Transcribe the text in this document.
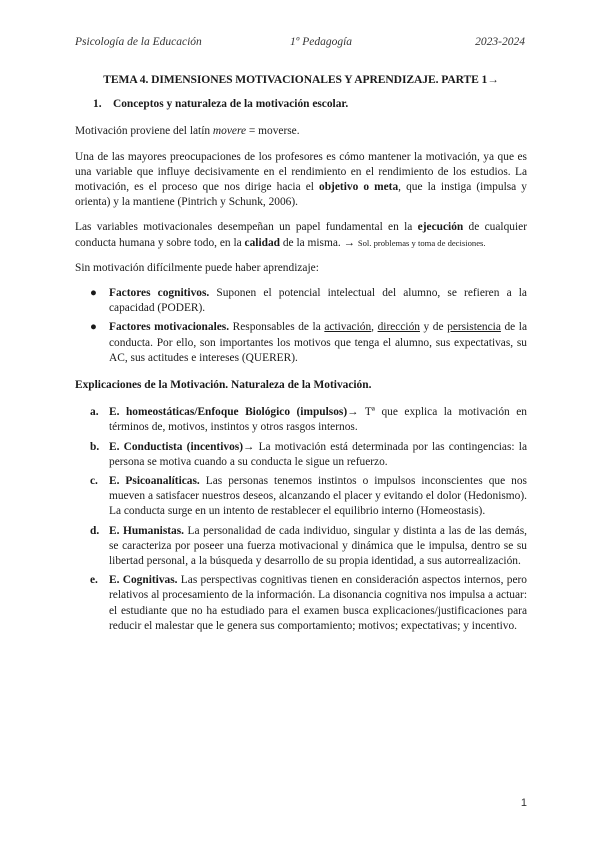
Psicología de la Educación	1º Pedagogía	2023-2024
TEMA 4. DIMENSIONES MOTIVACIONALES Y APRENDIZAJE. PARTE 1→
1. Conceptos y naturaleza de la motivación escolar.

Motivación proviene del latín movere = moverse.

Una de las mayores preocupaciones de los profesores es cómo mantener la motivación, ya que es una variable que influye decisivamente en el rendimiento en el rendimiento de los estudios. La motivación, es el proceso que nos dirige hacia el objetivo o meta, que la instiga (impulsa y orienta) y la mantiene (Pintrich y Schunk, 2006).

Las variables motivacionales desempeñan un papel fundamental en la ejecución de cualquier conducta humana y sobre todo, en la calidad de la misma. → Sol. problemas y toma de decisiones.

Sin motivación difícilmente puede haber aprendizaje:

● Factores cognitivos. Suponen el potencial intelectual del alumno, se refieren a la capacidad (PODER).
● Factores motivacionales. Responsables de la activación, dirección y de persistencia de la conducta. Por ello, son importantes los motivos que tenga el alumno, sus expectativas, su AC, sus actitudes e intereses (QUERER).
Explicaciones de la Motivación. Naturaleza de la Motivación.
a. E. homeostáticas/Enfoque Biológico (impulsos)→ Tª que explica la motivación en términos de, motivos, instintos y otros rasgos internos.
b. E. Conductista (incentivos)→ La motivación está determinada por las contingencias: la persona se motiva cuando a su conducta le sigue un refuerzo.
c. E. Psicoanalíticas. Las personas tenemos instintos o impulsos inconscientes que nos mueven a satisfacer nuestros deseos, alcanzando el placer y evitando el dolor (Hedonismo). La conducta surge en un intento de restablecer el equilibrio interno (Homeostasis).
d. E. Humanistas. La personalidad de cada individuo, singular y distinta a las de las demás, se caracteriza por poseer una fuerza motivacional y dinámica que le impulsa, dentro se su libertad personal, a la búsqueda y desarrollo de su propia identidad, a sus autorrealización.
e. E. Cognitivas. Las perspectivas cognitivas tienen en consideración aspectos internos, pero relativos al procesamiento de la información. La disonancia cognitiva nos impulsa a actuar: el estudiante que no ha estudiado para el examen busca explicaciones/justificaciones para reducir el malestar que le genera sus comportamiento; motivos; expectativas; y incentivo.
1
